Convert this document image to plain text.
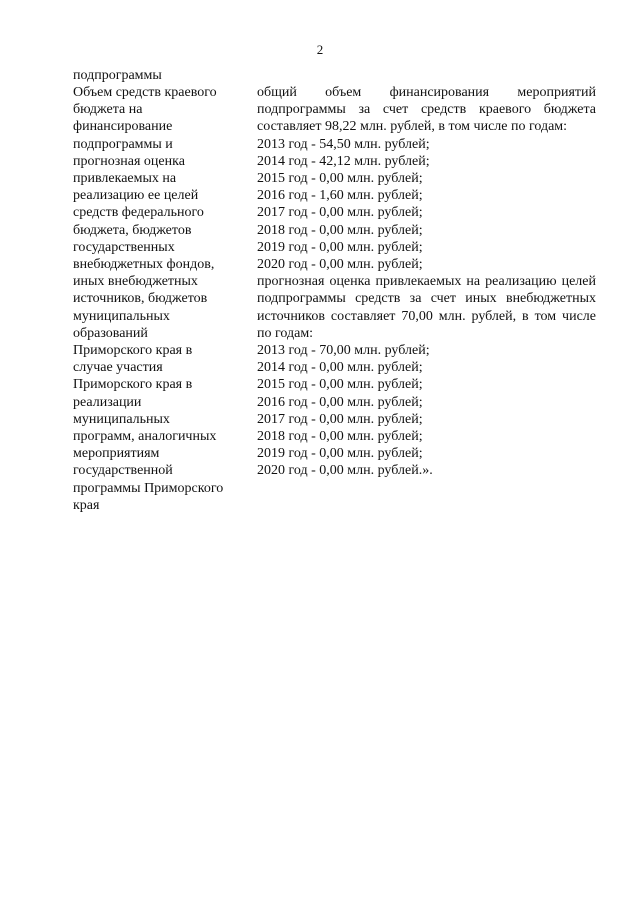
2
подпрограммы
Объем средств краевого
бюджета на
финансирование
подпрограммы и
прогнозная оценка
привлекаемых на
реализацию ее целей
средств федерального
бюджета, бюджетов
государственных
внебюджетных фондов,
иных внебюджетных
источников, бюджетов
муниципальных
образований
Приморского края в
случае участия
Приморского края в
реализации
муниципальных
программ, аналогичных
мероприятиям
государственной
программы Приморского
края
общий объем финансирования мероприятий подпрограммы за счет средств краевого бюджета составляет 98,22 млн. рублей, в том числе по годам:
2013 год - 54,50 млн. рублей;
2014 год - 42,12 млн. рублей;
2015 год - 0,00 млн. рублей;
2016 год - 1,60 млн. рублей;
2017 год - 0,00 млн. рублей;
2018 год - 0,00 млн. рублей;
2019 год - 0,00 млн. рублей;
2020 год - 0,00 млн. рублей;
прогнозная оценка привлекаемых на реализацию целей подпрограммы средств за счет иных внебюджетных источников составляет 70,00 млн. рублей, в том числе по годам:
2013 год - 70,00 млн. рублей;
2014 год - 0,00 млн. рублей;
2015 год - 0,00 млн. рублей;
2016 год - 0,00 млн. рублей;
2017 год - 0,00 млн. рублей;
2018 год - 0,00 млн. рублей;
2019 год - 0,00 млн. рублей;
2020 год - 0,00 млн. рублей.».
